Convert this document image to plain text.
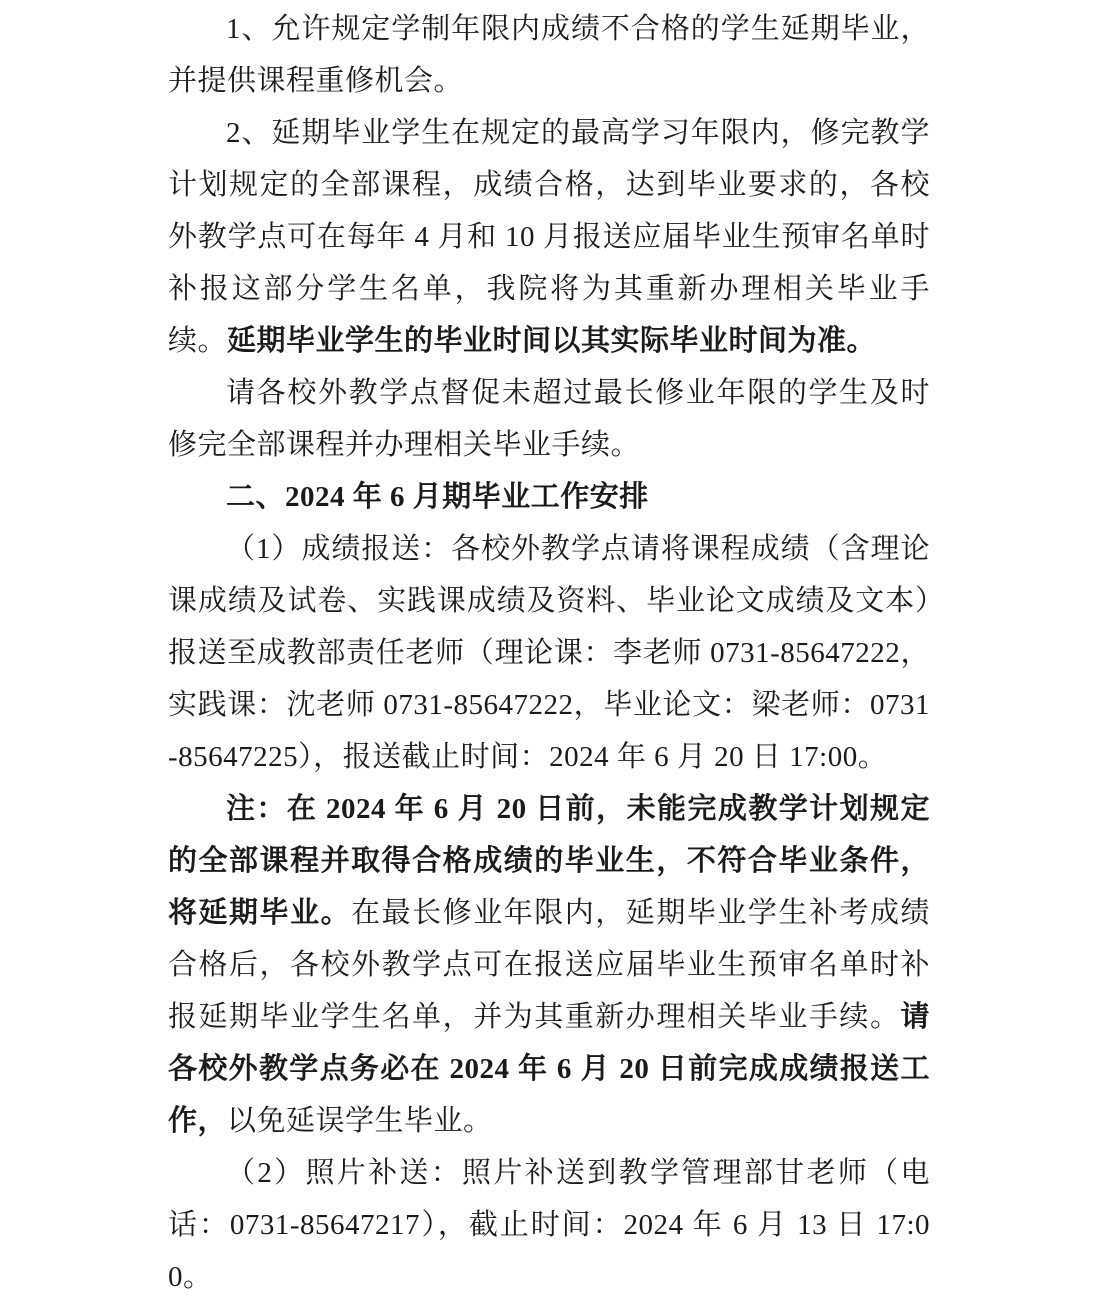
1、允许规定学制年限内成绩不合格的学生延期毕业，并提供课程重修机会。

2、延期毕业学生在规定的最高学习年限内，修完教学计划规定的全部课程，成绩合格，达到毕业要求的，各校外教学点可在每年 4 月和 10 月报送应届毕业生预审名单时补报这部分学生名单，我院将为其重新办理相关毕业手续。延期毕业学生的毕业时间以其实际毕业时间为准。

请各校外教学点督促未超过最长修业年限的学生及时修完全部课程并办理相关毕业手续。

二、2024 年 6 月期毕业工作安排

（1）成绩报送：各校外教学点请将课程成绩（含理论课成绩及试卷、实践课成绩及资料、毕业论文成绩及文本）报送至成教部责任老师（理论课：李老师 0731-85647222，实践课：沈老师 0731-85647222，毕业论文：梁老师：0731-85647225），报送截止时间：2024 年 6 月 20 日 17:00。

注：在 2024 年 6 月 20 日前，未能完成教学计划规定的全部课程并取得合格成绩的毕业生，不符合毕业条件，将延期毕业。在最长修业年限内，延期毕业学生补考成绩合格后，各校外教学点可在报送应届毕业生预审名单时补报延期毕业学生名单，并为其重新办理相关毕业手续。请各校外教学点务必在 2024 年 6 月 20 日前完成成绩报送工作，以免延误学生毕业。

（2）照片补送：照片补送到教学管理部甘老师（电话：0731-85647217），截止时间：2024 年 6 月 13 日 17:00。
